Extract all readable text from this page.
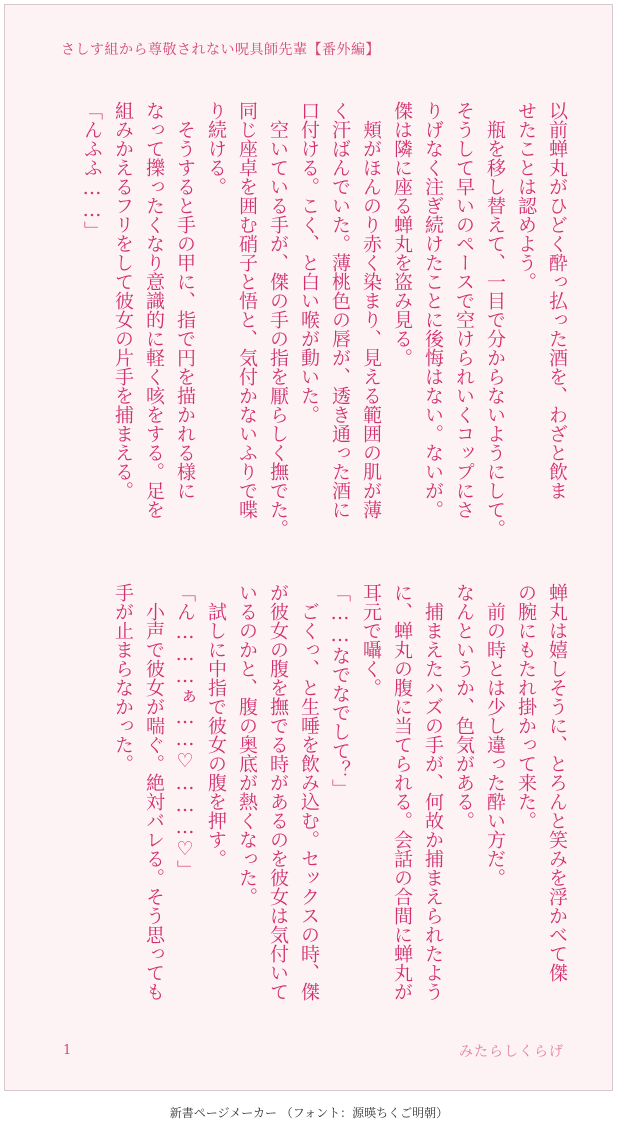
さしす組から尊敬されない呪具師先輩【番外編】
以前蝉丸がひどく酔っ払った酒を、わざと飲ま
せたことは認めよう。
　瓶を移し替えて、一目で分からないようにして。
そうして早いのペースで空けられいくコップにさ
りげなく注ぎ続けたことに後悔はない。ないが。
傑は隣に座る蝉丸を盗み見る。
　頬がほんのり赤く染まり、見える範囲の肌が薄
く汗ばんでいた。薄桃色の唇が、透き通った酒に
口付ける。こく、と白い喉が動いた。
　空いている手が、傑の手の指を厭らしく撫でた。
同じ座卓を囲む硝子と悟と、気付かないふりで喋
り続ける。
　そうすると手の甲に、指で円を描かれる様に
なって擽ったくなり意識的に軽く咳をする。足を
組みかえるフリをして彼女の片手を捕まえる。
「んふふ……」
蝉丸は嬉しそうに、とろんと笑みを浮かべて傑
の腕にもたれ掛かって来た。
　前の時とは少し違った酔い方だ。
なんというか、色気がある。
　捕まえたハズの手が、何故か捕まえられたよう
に、蝉丸の腹に当てられる。会話の合間に蝉丸が
耳元で囁く。
「……なでなでして？」
　ごくっ、と生唾を飲み込む。セックスの時、傑
が彼女の腹を撫でる時があるのを彼女は気付いて
いるのかと、腹の奥底が熱くなった。
　試しに中指で彼女の腹を押す。
「ん………ぁ……♡………♡」
　小声で彼女が喘ぐ。絶対バレる。そう思っても
手が止まらなかった。
1	みたらしくらげ
新書ページメーカー （フォント：源暎ちくご明朝）
